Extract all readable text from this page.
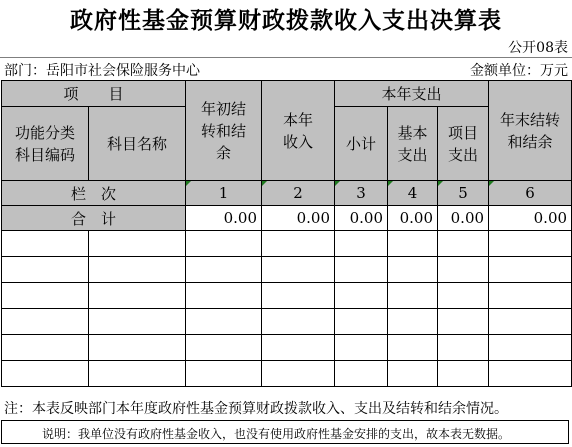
政府性基金预算财政拨款收入支出决算表
公开08表
部门：岳阳市社会保险服务中心	金额单位：万元
项　　目		年初结转和结余	本年收入	本年支出			年末结转和结余
功能分类科目编码	科目名称			小计	基本支出	项目支出	
栏　次		1	2	3	4	5	6
合　计		0.00	0.00	0.00	0.00	0.00	0.00

注：本表反映部门本年度政府性基金预算财政拨款收入、支出及结转和结余情况。
说明：我单位没有政府性基金收入，也没有使用政府性基金安排的支出，故本表无数据。
